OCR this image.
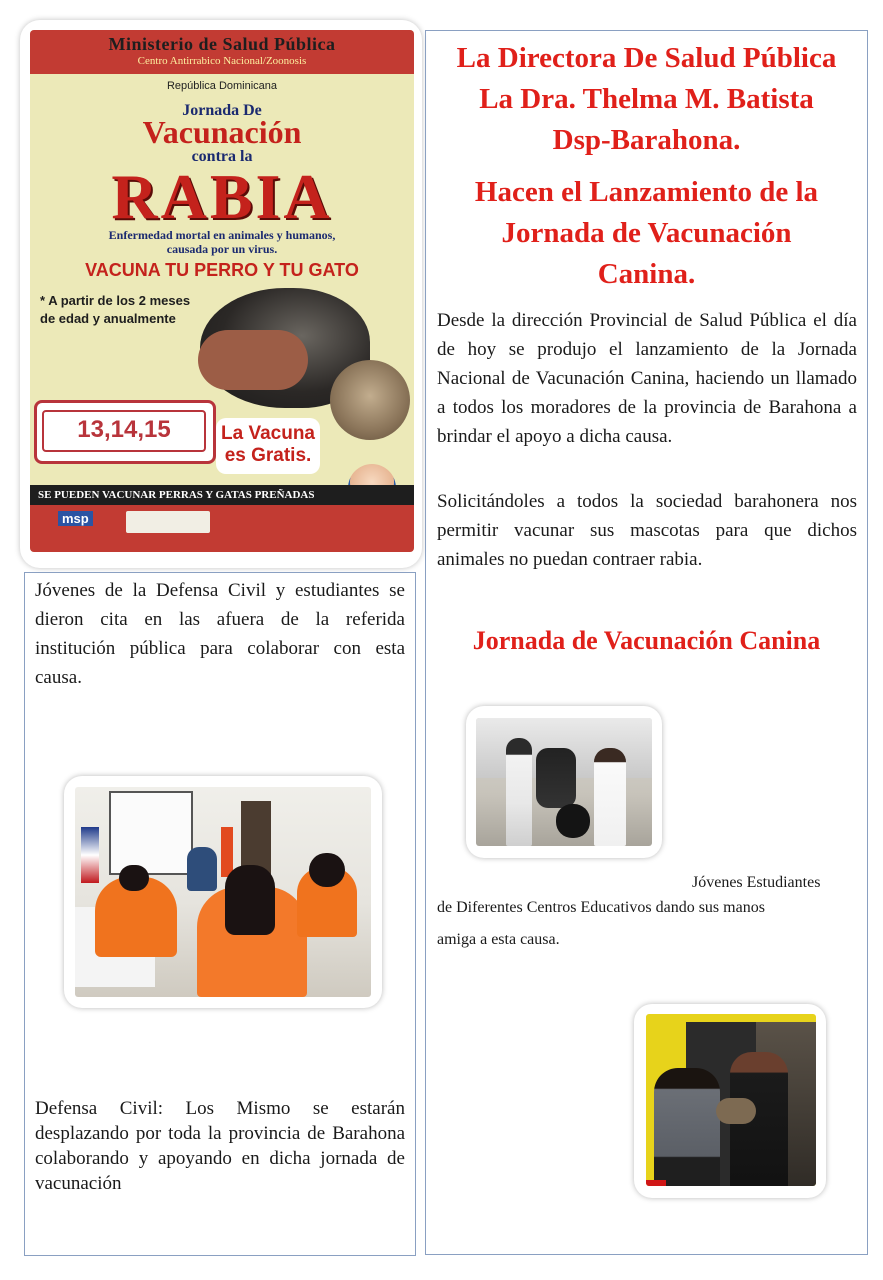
Ministerio de Salud Pública
Centro Antirrabico Nacional/Zoonosis
República Dominicana
Jornada De
Vacunación
contra la
RABIA
Enfermedad mortal en animales y humanos,
causada por un virus.
VACUNA TU PERRO Y TU GATO
* A partir de los 2 meses
de edad y anualmente
13,14,15	La Vacuna
es Gratis.
SE PUEDEN VACUNAR PERRAS Y GATAS PREÑADAS
msp
La Directora De Salud Pública
La Dra. Thelma M. Batista
Dsp-Barahona.
Hacen el Lanzamiento de la
Jornada de Vacunación
Canina.
Desde la dirección Provincial de Salud Pública el día de hoy se produjo el lanzamiento de la Jornada Nacional de Vacunación Canina, haciendo un llamado a todos los moradores de la provincia de Barahona a brindar el apoyo a dicha causa.
Solicitándoles a todos la sociedad barahonera nos permitir vacunar sus mascotas para que dichos animales no puedan contraer rabia.
Jornada de Vacunación Canina
Jóvenes Estudiantes
de Diferentes Centros Educativos dando sus manos
amiga a esta causa.
Jóvenes de la Defensa Civil y estudiantes se dieron cita en las afuera de la referida institución pública para colaborar con esta causa.
Defensa Civil: Los Mismo se estarán desplazando por toda la provincia de Barahona colaborando y apoyando en dicha jornada de vacunación
